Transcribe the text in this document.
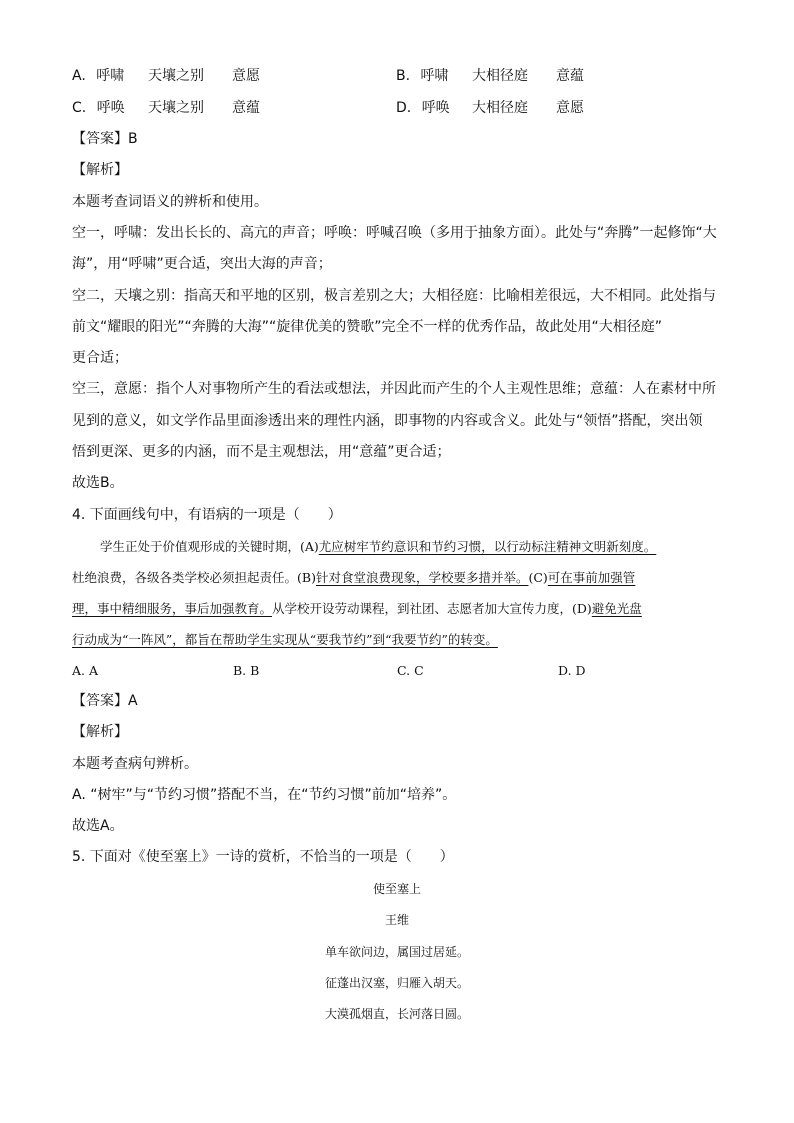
A. 呼啸 天壤之别 意愿	B. 呼啸 大相径庭 意蕴
C. 呼唤 天壤之别 意蕴	D. 呼唤 大相径庭 意愿
【答案】B
【解析】
本题考查词语义的辨析和使用。
空一，呼啸：发出长长的、高亢的声音；呼唤：呼喊召唤（多用于抽象方面）。此处与“奔腾”一起修饰“大
海”，用“呼啸”更合适，突出大海的声音；
空二，天壤之别：指高天和平地的区别，极言差别之大；大相径庭：比喻相差很远，大不相同。此处指与
前文“耀眼的阳光”“奔腾的大海”“旋律优美的赞歌”完全不一样的优秀作品，故此处用“大相径庭”
更合适；
空三，意愿：指个人对事物所产生的看法或想法，并因此而产生的个人主观性思维；意蕴：人在素材中所
见到的意义，如文学作品里面渗透出来的理性内涵，即事物的内容或含义。此处与“领悟”搭配，突出领
悟到更深、更多的内涵，而不是主观想法，用“意蕴”更合适；
故选B。
4. 下面画线句中，有语病的一项是（　　）
学生正处于价值观形成的关键时期，(A)尤应树牢节约意识和节约习惯，以行动标注精神文明新刻度。
杜绝浪费，各级各类学校必须担起责任。(B)针对食堂浪费现象，学校要多措并举。(C)可在事前加强管
理，事中精细服务，事后加强教育。从学校开设劳动课程，到社团、志愿者加大宣传力度，(D)避免光盘
行动成为“一阵风”，都旨在帮助学生实现从“要我节约”到“我要节约”的转变。
A. A	B. B	C. C	D. D
【答案】A
【解析】
本题考查病句辨析。
A. “树牢”与“节约习惯”搭配不当，在“节约习惯”前加“培养”。
故选A。
5. 下面对《使至塞上》一诗的赏析，不恰当的一项是（　　）
使至塞上
王维
单车欲问边，属国过居延。
征蓬出汉塞，归雁入胡天。
大漠孤烟直，长河落日圆。
